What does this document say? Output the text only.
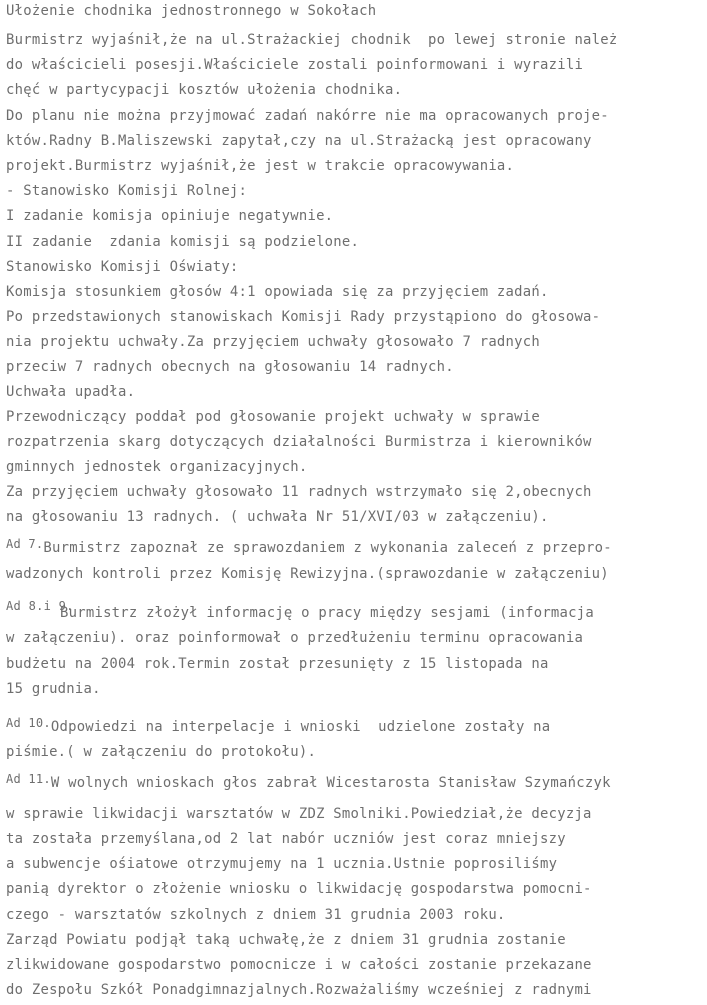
Ułożenie chodnika jednostronnego w Sokołach
Burmistrz wyjaśnił,że na ul.Strażackiej chodnik  po lewej stronie należ
do właścicieli posesji.Właściciele zostali poinformowani i wyrazili
chęć w partycypacji kosztów ułożenia chodnika.
Do planu nie można przyjmować zadań nakórre nie ma opracowanych proje-
któw.Radny B.Maliszewski zapytał,czy na ul.Strażacką jest opracowany
projekt.Burmistrz wyjaśnił,że jest w trakcie opracowywania.
- Stanowisko Komisji Rolnej:
I zadanie komisja opiniuje negatywnie.
II zadanie  zdania komisji są podzielone.
Stanowisko Komisji Oświaty:
Komisja stosunkiem głosów 4:1 opowiada się za przyjęciem zadań.
Po przedstawionych stanowiskach Komisji Rady przystąpiono do głosowa-
nia projektu uchwały.Za przyjęciem uchwały głosowało 7 radnych
przeciw 7 radnych obecnych na głosowaniu 14 radnych.
Uchwała upadła.
Przewodniczący poddał pod głosowanie projekt uchwały w sprawie
rozpatrzenia skarg dotyczących działalności Burmistrza i kierowników
gminnych jednostek organizacyjnych.
Za przyjęciem uchwały głosowało 11 radnych wstrzymało się 2,obecnych
na głosowaniu 13 radnych. ( uchwała Nr 51/XVI/03 w załączeniu).
Ad 7.Burmistrz zapoznał ze sprawozdaniem z wykonania zaleceń z przepro-
wadzonych kontroli przez Komisję Rewizyjna.(sprawozdanie w załączeniu)
Ad 8.i 9.
Burmistrz złożył informację o pracy między sesjami (informacja
w załączeniu). oraz poinformował o przedłużeniu terminu opracowania
budżetu na 2004 rok.Termin został przesunięty z 15 listopada na
15 grudnia.
Ad 10.Odpowiedzi na interpelacje i wnioski  udzielone zostały na
piśmie.( w załączeniu do protokołu).
Ad 11.W wolnych wnioskach głos zabrał Wicestarosta Stanisław Szymańczyk
w sprawie likwidacji warsztatów w ZDZ Smolniki.Powiedział,że decyzja
ta została przemyślana,od 2 lat nabór uczniów jest coraz mniejszy
a subwencje ośiatowe otrzymujemy na 1 ucznia.Ustnie poprosiliśmy
panią dyrektor o złożenie wniosku o likwidację gospodarstwa pomocni-
czego - warsztatów szkolnych z dniem 31 grudnia 2003 roku.
Zarząd Powiatu podjął taką uchwałę,że z dniem 31 grudnia zostanie
zlikwidowane gospodarstwo pomocnicze i w całości zostanie przekazane
do Zespołu Szkół Ponadgimnazjalnych.Rozważaliśmy wcześniej z radnymi
